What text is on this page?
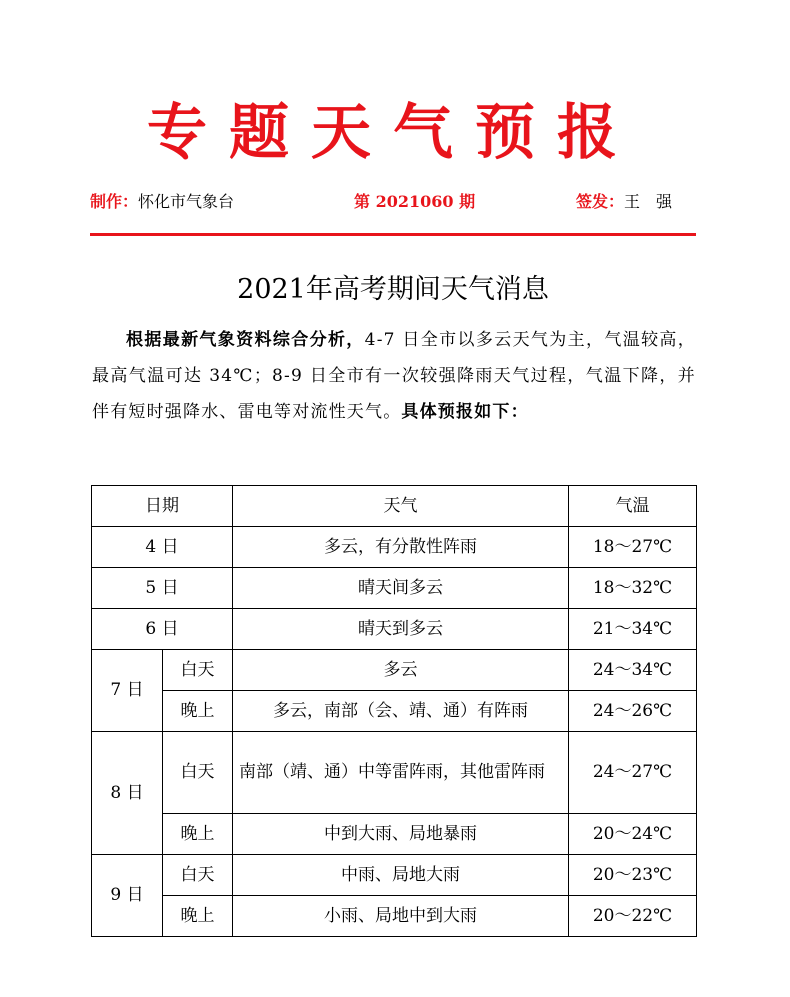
专题天气预报
制作：怀化市气象台	第 2021060 期	签发：王　强
2021年高考期间天气消息

根据最新气象资料综合分析，4-7 日全市以多云天气为主，气温较高，最高气温可达 34℃；8-9 日全市有一次较强降雨天气过程，气温下降，并伴有短时强降水、雷电等对流性天气。具体预报如下：

日期		天气	气温
4 日		多云，有分散性阵雨	18～27℃
5 日		晴天间多云	18～32℃
6 日		晴天到多云	21～34℃
7 日	白天	多云	24～34℃
	晚上	多云，南部（会、靖、通）有阵雨	24～26℃
8 日	白天	南部（靖、通）中等雷阵雨，其他雷阵雨	24～27℃
	晚上	中到大雨、局地暴雨	20～24℃
9 日	白天	中雨、局地大雨	20～23℃
	晚上	小雨、局地中到大雨	20～22℃
